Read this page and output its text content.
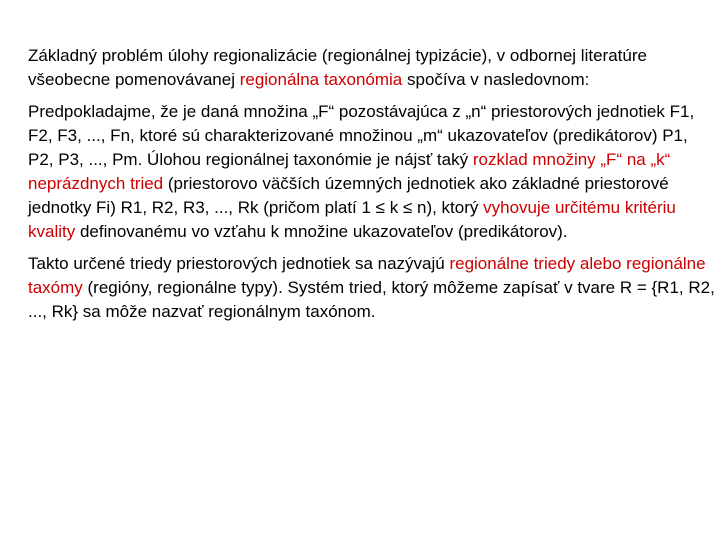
Základný problém úlohy regionalizácie (regionálnej typizácie), v odbornej literatúre všeobecne pomenovávanej regionálna taxonómia spočíva v nasledovnom:

Predpokladajme, že je daná množina „F“ pozostávajúca z „n“ priestorových jednotiek F1, F2, F3, ..., Fn, ktoré sú charakterizované množinou „m“ ukazovateľov (predikátorov) P1, P2, P3, ..., Pm. Úlohou regionálnej taxonómie je nájsť taký rozklad množiny „F“ na „k“ neprázdnych tried (priestorovo väčších územných jednotiek ako základné priestorové jednotky Fi) R1, R2, R3, ..., Rk (pričom platí 1 ≤ k ≤ n), ktorý vyhovuje určitému kritériu kvality definovanému vo vzťahu k množine ukazovateľov (predikátorov).

Takto určené triedy priestorových jednotiek sa nazývajú regionálne triedy alebo regionálne taxómy (regióny, regionálne typy). Systém tried, ktorý môžeme zapísať v tvare R = {R1, R2, ..., Rk} sa môže nazvať regionálnym taxónom.
